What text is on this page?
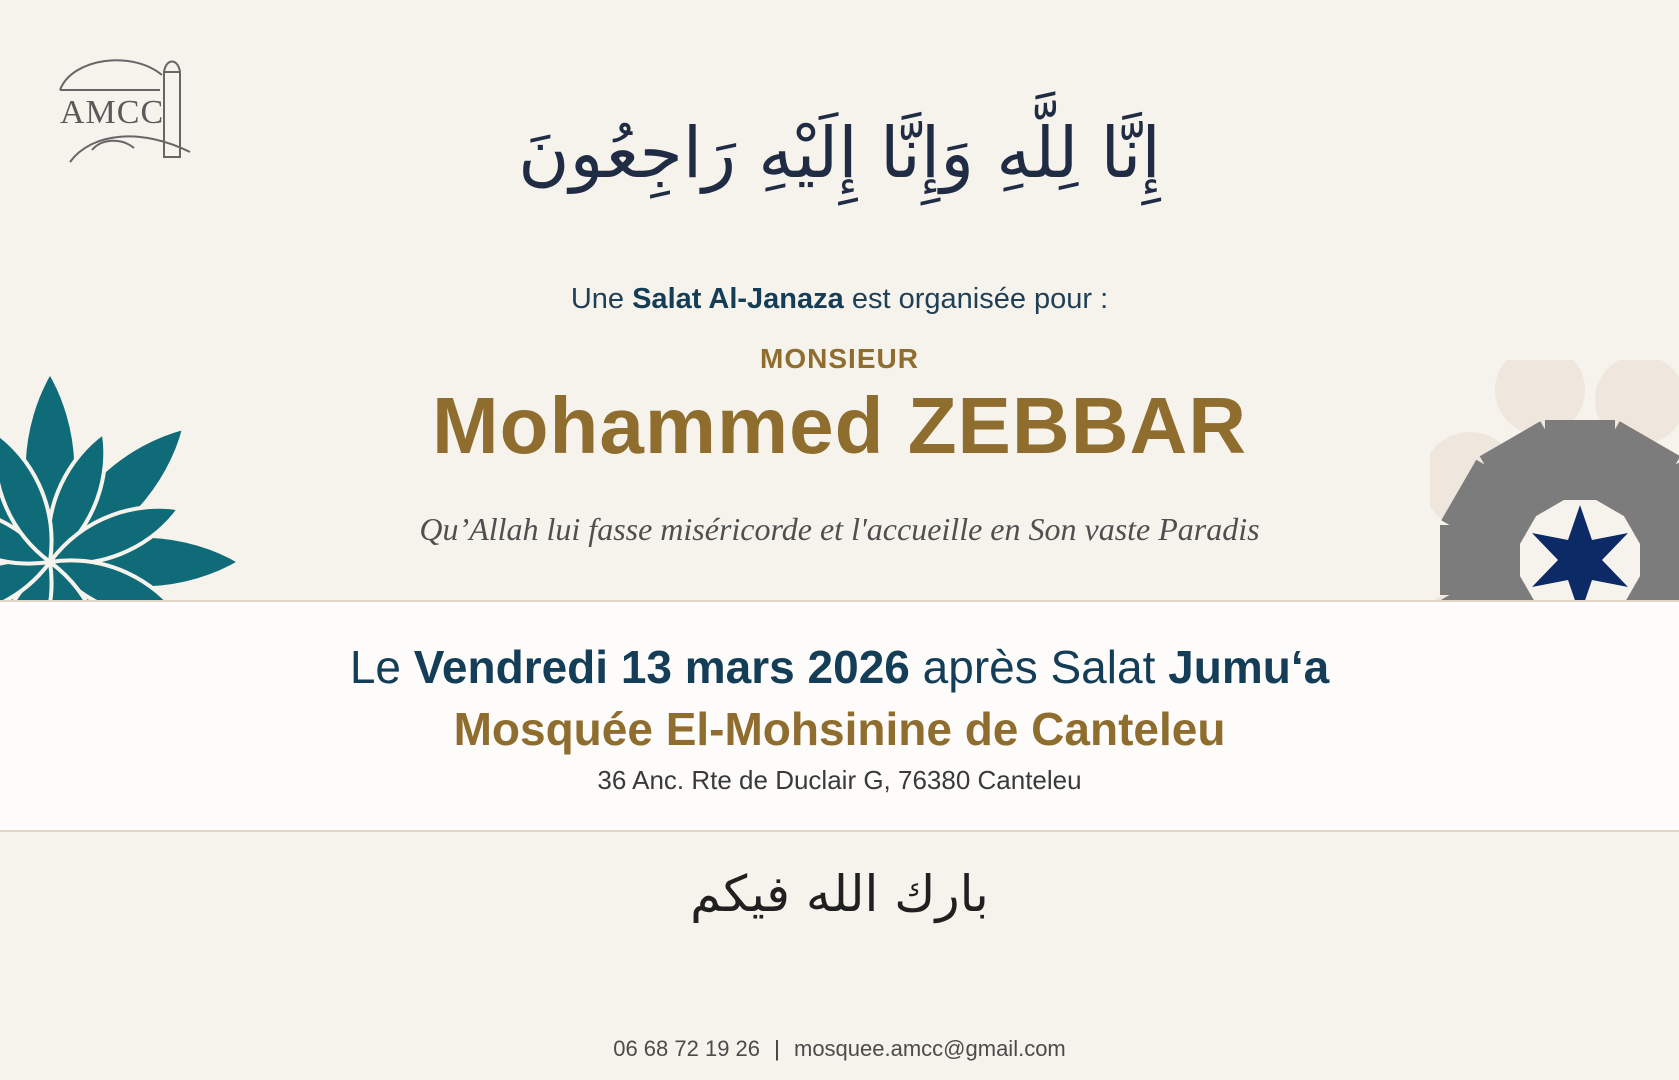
AMCC	إِنَّا لِلَّهِ وَإِنَّا إِلَيْهِ رَاجِعُونَ
Une Salat Al-Janaza est organisée pour :
MONSIEUR
Mohammed ZEBBAR
Qu’Allah lui fasse miséricorde et l'accueille en Son vaste Paradis
Le Vendredi 13 mars 2026 après Salat Jumu‘a
Mosquée El-Mohsinine de Canteleu
36 Anc. Rte de Duclair G, 76380 Canteleu
بارك الله فيكم
06 68 72 19 26 | mosquee.amcc@gmail.com
